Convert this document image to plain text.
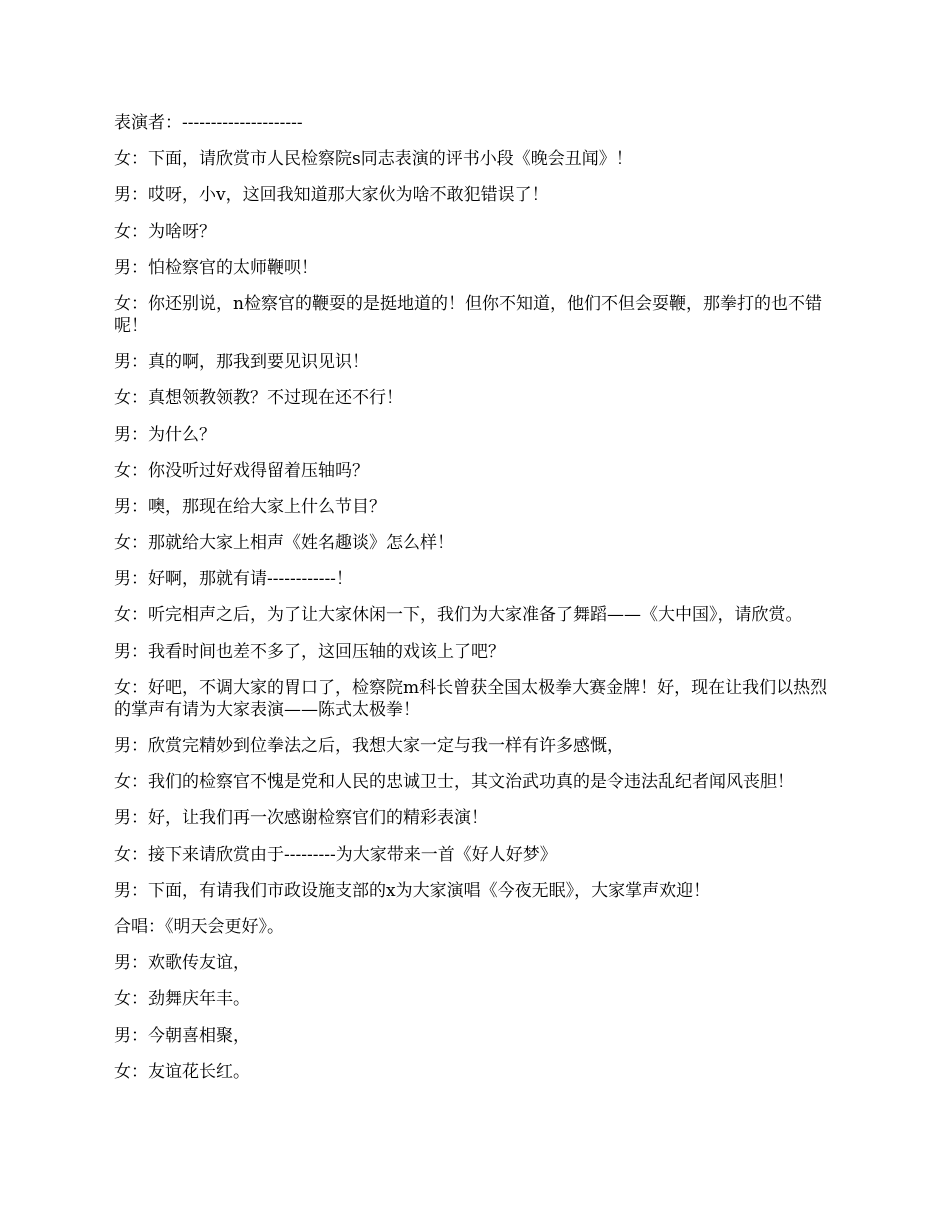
表演者：---------------------

女：下面，请欣赏市人民检察院s同志表演的评书小段《晚会丑闻》！

男：哎呀，小v，这回我知道那大家伙为啥不敢犯错误了！

女：为啥呀？

男：怕检察官的太师鞭呗！

女：你还别说，n检察官的鞭耍的是挺地道的！但你不知道，他们不但会耍鞭，那拳打的也不错呢！

男：真的啊，那我到要见识见识！

女：真想领教领教？不过现在还不行！

男：为什么？

女：你没听过好戏得留着压轴吗？

男：噢，那现在给大家上什么节目？

女：那就给大家上相声《姓名趣谈》怎么样！

男：好啊，那就有请------------！

女：听完相声之后，为了让大家休闲一下，我们为大家准备了舞蹈——《大中国》，请欣赏。

男：我看时间也差不多了，这回压轴的戏该上了吧？

女：好吧，不调大家的胃口了，检察院m科长曾获全国太极拳大赛金牌！好，现在让我们以热烈的掌声有请为大家表演——陈式太极拳！

男：欣赏完精妙到位拳法之后，我想大家一定与我一样有许多感慨，

女：我们的检察官不愧是党和人民的忠诚卫士，其文治武功真的是令违法乱纪者闻风丧胆！

男：好，让我们再一次感谢检察官们的精彩表演！

女：接下来请欣赏由于---------为大家带来一首《好人好梦》

男：下面，有请我们市政设施支部的x为大家演唱《今夜无眠》，大家掌声欢迎！

合唱：《明天会更好》。

男：欢歌传友谊，

女：劲舞庆年丰。

男：今朝喜相聚，

女：友谊花长红。
